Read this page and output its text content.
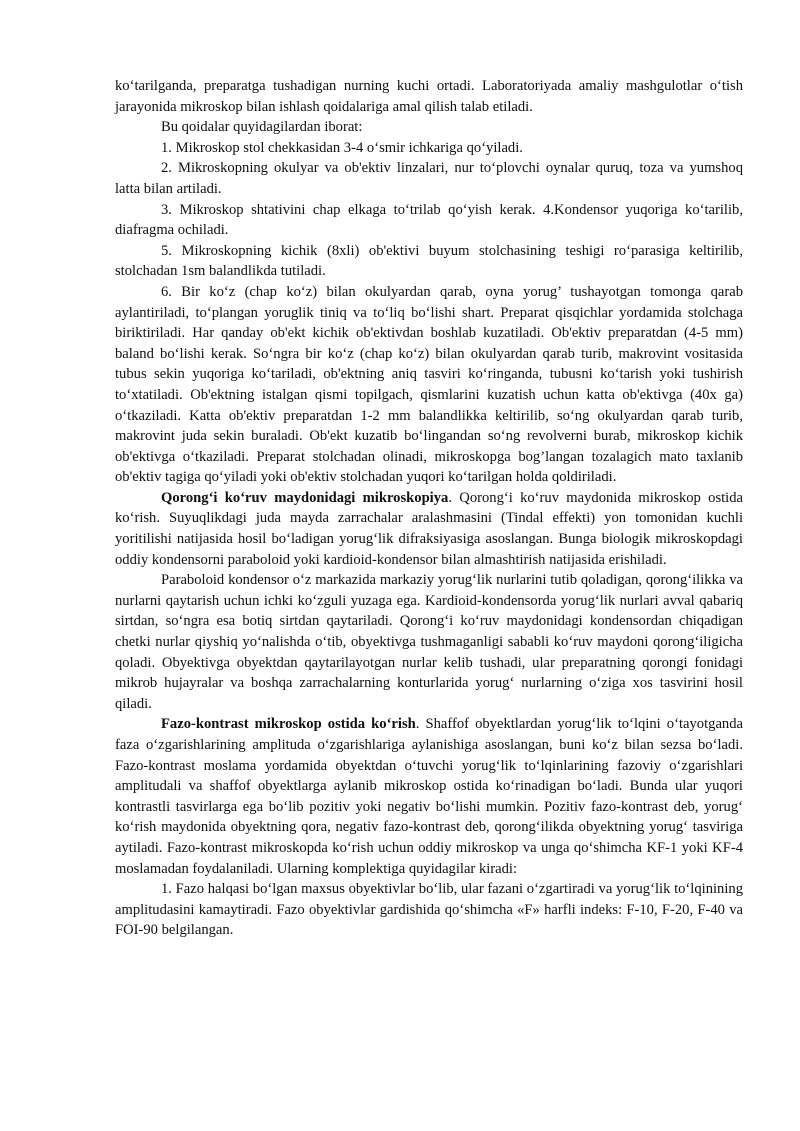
ko‘tarilganda, preparatga tushadigan nurning kuchi ortadi. Laboratoriyada amaliy mashgulotlar o‘tish jarayonida mikroskop bilan ishlash qoidalariga amal qilish talab etiladi.

Bu qoidalar quyidagilardan iborat:

1. Mikroskop stol chekkasidan 3-4 o‘smir ichkariga qo‘yiladi.

2. Mikroskopning okulyar va ob'ektiv linzalari, nur to‘plovchi oynalar quruq, toza va yumshoq latta bilan artiladi.

3. Mikroskop shtativini chap elkaga to‘trilab qo‘yish kerak. 4.Kondensor yuqoriga ko‘tarilib, diafragma ochiladi.

5. Mikroskopning kichik (8xli) ob'ektivi buyum stolchasining teshigi ro‘parasiga keltirilib, stolchadan 1sm balandlikda tutiladi.

6. Bir ko‘z (chap ko‘z) bilan okulyardan qarab, oyna yorug’ tushayotgan tomonga qarab aylantiriladi, to‘plangan yoruglik tiniq va to‘liq bo‘lishi shart. Preparat qisqichlar yordamida stolchaga biriktiriladi. Har qanday ob'ekt kichik ob'ektivdan boshlab kuzatiladi. Ob'ektiv preparatdan (4-5 mm) baland bo‘lishi kerak. So‘ngra bir ko‘z (chap ko‘z) bilan okulyardan qarab turib, makrovint vositasida tubus sekin yuqoriga ko‘tariladi, ob'ektning aniq tasviri ko‘ringanda, tubusni ko‘tarish yoki tushirish to‘xtatiladi. Ob'ektning istalgan qismi topilgach, qismlarini kuzatish uchun katta ob'ektivga (40x ga) o‘tkaziladi. Katta ob'ektiv preparatdan 1-2 mm balandlikka keltirilib, so‘ng okulyardan qarab turib, makrovint juda sekin buraladi. Ob'ekt kuzatib bo‘lingandan so‘ng revolverni burab, mikroskop kichik ob'ektivga o‘tkaziladi. Preparat stolchadan olinadi, mikroskopga bog’langan tozalagich mato taxlanib ob'ektiv tagiga qo‘yiladi yoki ob'ektiv stolchadan yuqori ko‘tarilgan holda qoldiriladi.

Qorong‘i ko‘ruv maydonidagi mikroskopiya. Qorong‘i ko‘ruv maydonida mikroskop ostida ko‘rish. Suyuqlikdagi juda mayda zarrachalar aralashmasini (Tindal effekti) yon tomonidan kuchli yoritilishi natijasida hosil bo‘ladigan yorug‘lik difraksiyasiga asoslangan. Bunga biologik mikroskopdagi oddiy kondensorni paraboloid yoki kardioid-kondensor bilan almashtirish natijasida erishiladi.

Paraboloid kondensor o‘z markazida markaziy yorug‘lik nurlarini tutib qoladigan, qorong‘ilikka va nurlarni qaytarish uchun ichki ko‘zguli yuzaga ega. Kardioid-kondensorda yorug‘lik nurlari avval qabariq sirtdan, so‘ngra esa botiq sirtdan qaytariladi. Qorong‘i ko‘ruv maydonidagi kondensordan chiqadigan chetki nurlar qiyshiq yo‘nalishda o‘tib, obyektivga tushmaganligi sababli ko‘ruv maydoni qorong‘iligicha qoladi. Obyektivga obyektdan qaytarilayotgan nurlar kelib tushadi, ular preparatning qorongi fonidagi mikrob hujayralar va boshqa zarrachalarning konturlarida yorug‘ nurlarning o‘ziga xos tasvirini hosil qiladi.

Fazo-kontrast mikroskop ostida ko‘rish. Shaffof obyektlardan yorug‘lik to‘lqini o‘tayotganda faza o‘zgarishlarining amplituda o‘zgarishlariga aylanishiga asoslangan, buni ko‘z bilan sezsa bo‘ladi. Fazo-kontrast moslama yordamida obyektdan o‘tuvchi yorug‘lik to‘lqinlarining fazoviy o‘zgarishlari amplitudali va shaffof obyektlarga aylanib mikroskop ostida ko‘rinadigan bo‘ladi. Bunda ular yuqori kontrastli tasvirlarga ega bo‘lib pozitiv yoki negativ bo‘lishi mumkin. Pozitiv fazo-kontrast deb, yorug‘ ko‘rish maydonida obyektning qora, negativ fazo-kontrast deb, qorong‘ilikda obyektning yorug‘ tasviriga aytiladi. Fazo-kontrast mikroskopda ko‘rish uchun oddiy mikroskop va unga qo‘shimcha KF-1 yoki KF-4 moslamadan foydalaniladi. Ularning komplektiga quyidagilar kiradi:

1. Fazo halqasi bo‘lgan maxsus obyektivlar bo‘lib, ular fazani o‘zgartiradi va yorug‘lik to‘lqinining amplitudasini kamaytiradi. Fazo obyektivlar gardishida qo‘shimcha «F» harfli indeks: F-10, F-20, F-40 va FOI-90 belgilangan.
